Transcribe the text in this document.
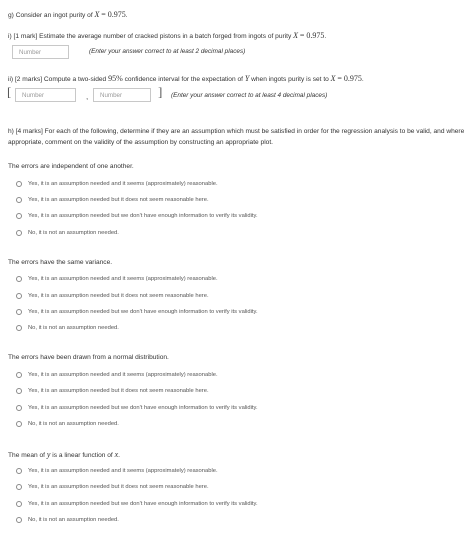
g) Consider an ingot purity of X = 0.975.
i) [1 mark] Estimate the average number of cracked pistons in a batch forged from ingots of purity X = 0.975.
Number
(Enter your answer correct to at least 2 decimal places)
ii) [2 marks] Compute a two-sided 95% confidence interval for the expectation of Y when ingots purity is set to X = 0.975.
[
Number	,
Number	] (Enter your answer correct to at least 4 decimal places)
h) [4 marks] For each of the following, determine if they are an assumption which must be satisfied in order for the regression analysis to be valid, and where appropriate, comment on the validity of the assumption by constructing an appropriate plot.
The errors are independent of one another.
Yes, it is an assumption needed and it seems (approximately) reasonable.
Yes, it is an assumption needed but it does not seem reasonable here.
Yes, it is an assumption needed but we don't have enough information to verify its validity.
No, it is not an assumption needed.
The errors have the same variance.
Yes, it is an assumption needed and it seems (approximately) reasonable.
Yes, it is an assumption needed but it does not seem reasonable here.
Yes, it is an assumption needed but we don't have enough information to verify its validity.
No, it is not an assumption needed.
The errors have been drawn from a normal distribution.
Yes, it is an assumption needed and it seems (approximately) reasonable.
Yes, it is an assumption needed but it does not seem reasonable here.
Yes, it is an assumption needed but we don't have enough information to verify its validity.
No, it is not an assumption needed.
The mean of y is a linear function of x.
Yes, it is an assumption needed and it seems (approximately) reasonable.
Yes, it is an assumption needed but it does not seem reasonable here.
Yes, it is an assumption needed but we don't have enough information to verify its validity.
No, it is not an assumption needed.
